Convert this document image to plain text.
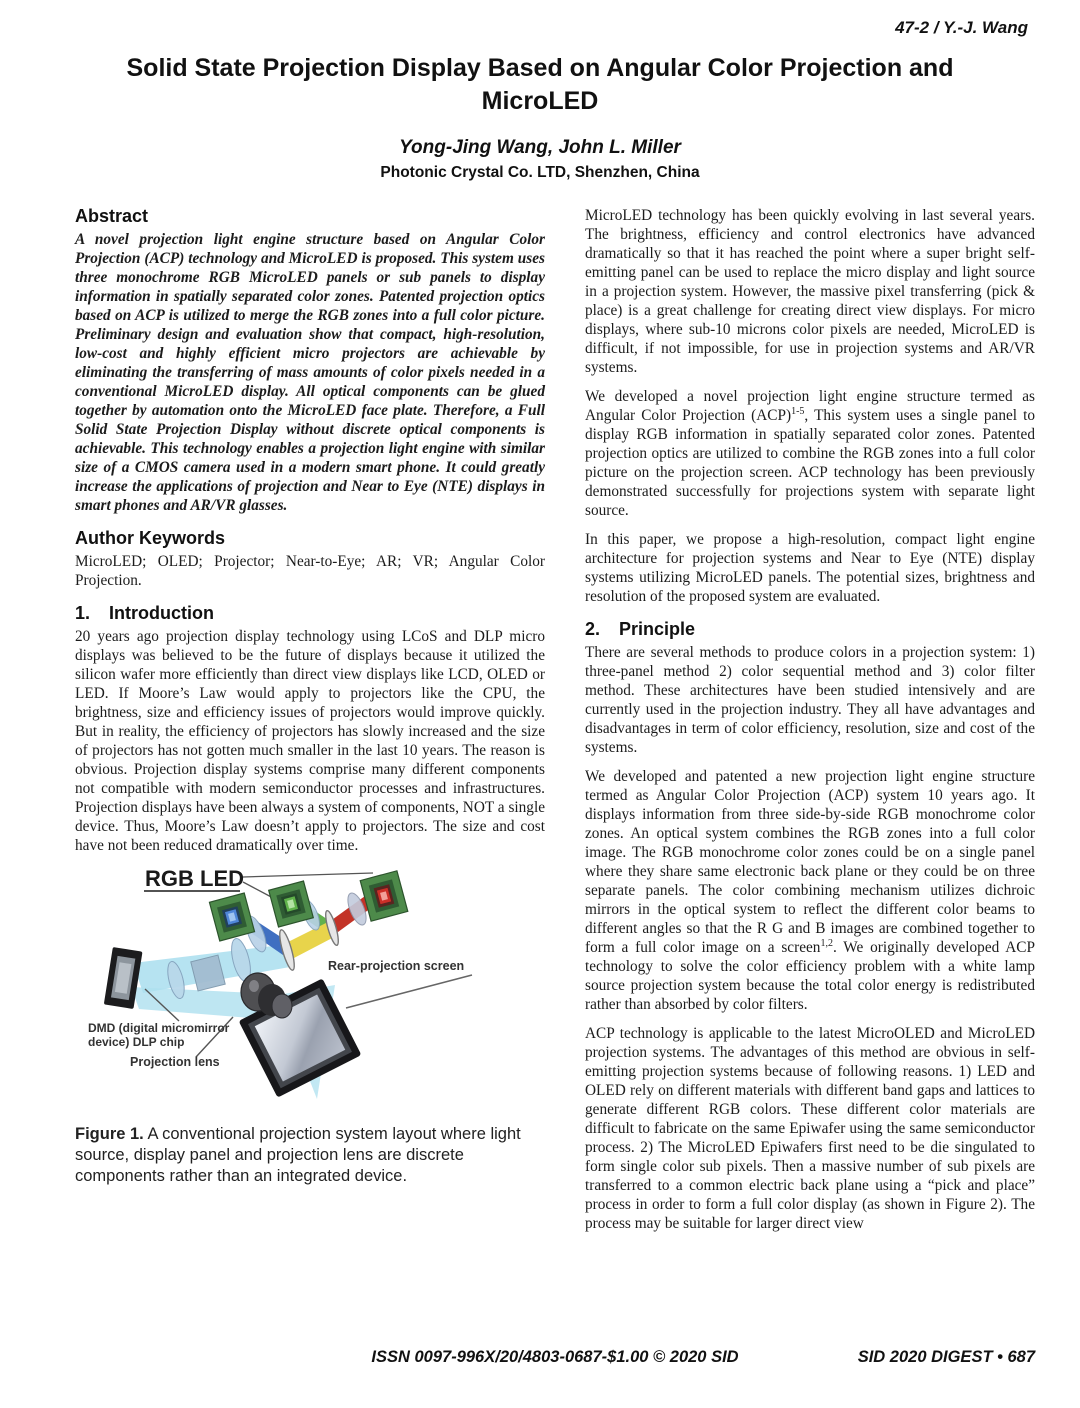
47-2 / Y.-J. Wang
Solid State Projection Display Based on Angular Color Projection and MicroLED
Yong-Jing Wang, John L. Miller
Photonic Crystal Co. LTD, Shenzhen, China
Abstract

A novel projection light engine structure based on Angular Color Projection (ACP) technology and MicroLED is proposed. This system uses three monochrome RGB MicroLED panels or sub panels to display information in spatially separated color zones. Patented projection optics based on ACP is utilized to merge the RGB zones into a full color picture. Preliminary design and evaluation show that compact, high-resolution, low-cost and highly efficient micro projectors are achievable by eliminating the transferring of mass amounts of color pixels needed in a conventional MicroLED display. All optical components can be glued together by automation onto the MicroLED face plate. Therefore, a Full Solid State Projection Display without discrete optical components is achievable. This technology enables a projection light engine with similar size of a CMOS camera used in a modern smart phone. It could greatly increase the applications of projection and Near to Eye (NTE) displays in smart phones and AR/VR glasses.

Author Keywords

MicroLED; OLED; Projector; Near-to-Eye; AR; VR; Angular Color Projection.

1.	Introduction

20 years ago projection display technology using LCoS and DLP micro displays was believed to be the future of displays because it utilized the silicon wafer more efficiently than direct view displays like LCD, OLED or LED. If Moore’s Law would apply to projectors like the CPU, the brightness, size and efficiency issues of projectors would improve quickly. But in reality, the efficiency of projectors has slowly increased and the size of projectors has not gotten much smaller in the last 10 years. The reason is obvious. Projection display systems comprise many different components not compatible with modern semiconductor processes and infrastructures. Projection displays have been always a system of components, NOT a single device. Thus, Moore’s Law doesn’t apply to projectors. The size and cost have not been reduced dramatically over time.

RGB LED
Rear-projection screen
DMD (digital micromirror
device) DLP chip
Projection lens
Figure 1. A conventional projection system layout where light source, display panel and projection lens are discrete components rather than an integrated device.

MicroLED technology has been quickly evolving in last several years. The brightness, efficiency and control electronics have advanced dramatically so that it has reached the point where a super bright self-emitting panel can be used to replace the micro display and light source in a projection system. However, the massive pixel transferring (pick & place) is a great challenge for creating direct view displays. For micro displays, where sub-10 microns color pixels are needed, MicroLED is difficult, if not impossible, for use in projection systems and AR/VR systems.

We developed a novel projection light engine structure termed as Angular Color Projection (ACP)$^{1-5}$, This system uses a single panel to display RGB information in spatially separated color zones. Patented projection optics are utilized to combine the RGB zones into a full color picture on the projection screen. ACP technology has been previously demonstrated successfully for projections system with separate light source.

In this paper, we propose a high-resolution, compact light engine architecture for projection systems and Near to Eye (NTE) display systems utilizing MicroLED panels. The potential sizes, brightness and resolution of the proposed system are evaluated.

2.	Principle

There are several methods to produce colors in a projection system: 1) three-panel method 2) color sequential method and 3) color filter method. These architectures have been studied intensively and are currently used in the projection industry. They all have advantages and disadvantages in term of color efficiency, resolution, size and cost of the systems.

We developed and patented a new projection light engine structure termed as Angular Color Projection (ACP) system 10 years ago. It displays information from three side-by-side RGB monochrome color zones. An optical system combines the RGB zones into a full color image. The RGB monochrome color zones could be on a single panel where they share same electronic back plane or they could be on three separate panels. The color combining mechanism utilizes dichroic mirrors in the optical system to reflect the different color beams to different angles so that the R G and B images are combined together to form a full color image on a screen$^{1,2}$. We originally developed ACP technology to solve the color efficiency problem with a white lamp source projection system because the total color energy is redistributed rather than absorbed by color filters.

ACP technology is applicable to the latest MicroOLED and MicroLED projection systems. The advantages of this method are obvious in self-emitting projection systems because of following reasons. 1) LED and OLED rely on different materials with different band gaps and lattices to generate different RGB colors. These different color materials are difficult to fabricate on the same Epiwafer using the same semiconductor process. 2) The MicroLED Epiwafers first need to be die singulated to form single color sub pixels. Then a massive number of sub pixels are transferred to a common electric back plane using a “pick and place” process in order to form a full color display (as shown in Figure 2). The process may be suitable for larger direct view

ISSN 0097-996X/20/4803-0687-$1.00 © 2020 SID	SID 2020 DIGEST • 687
